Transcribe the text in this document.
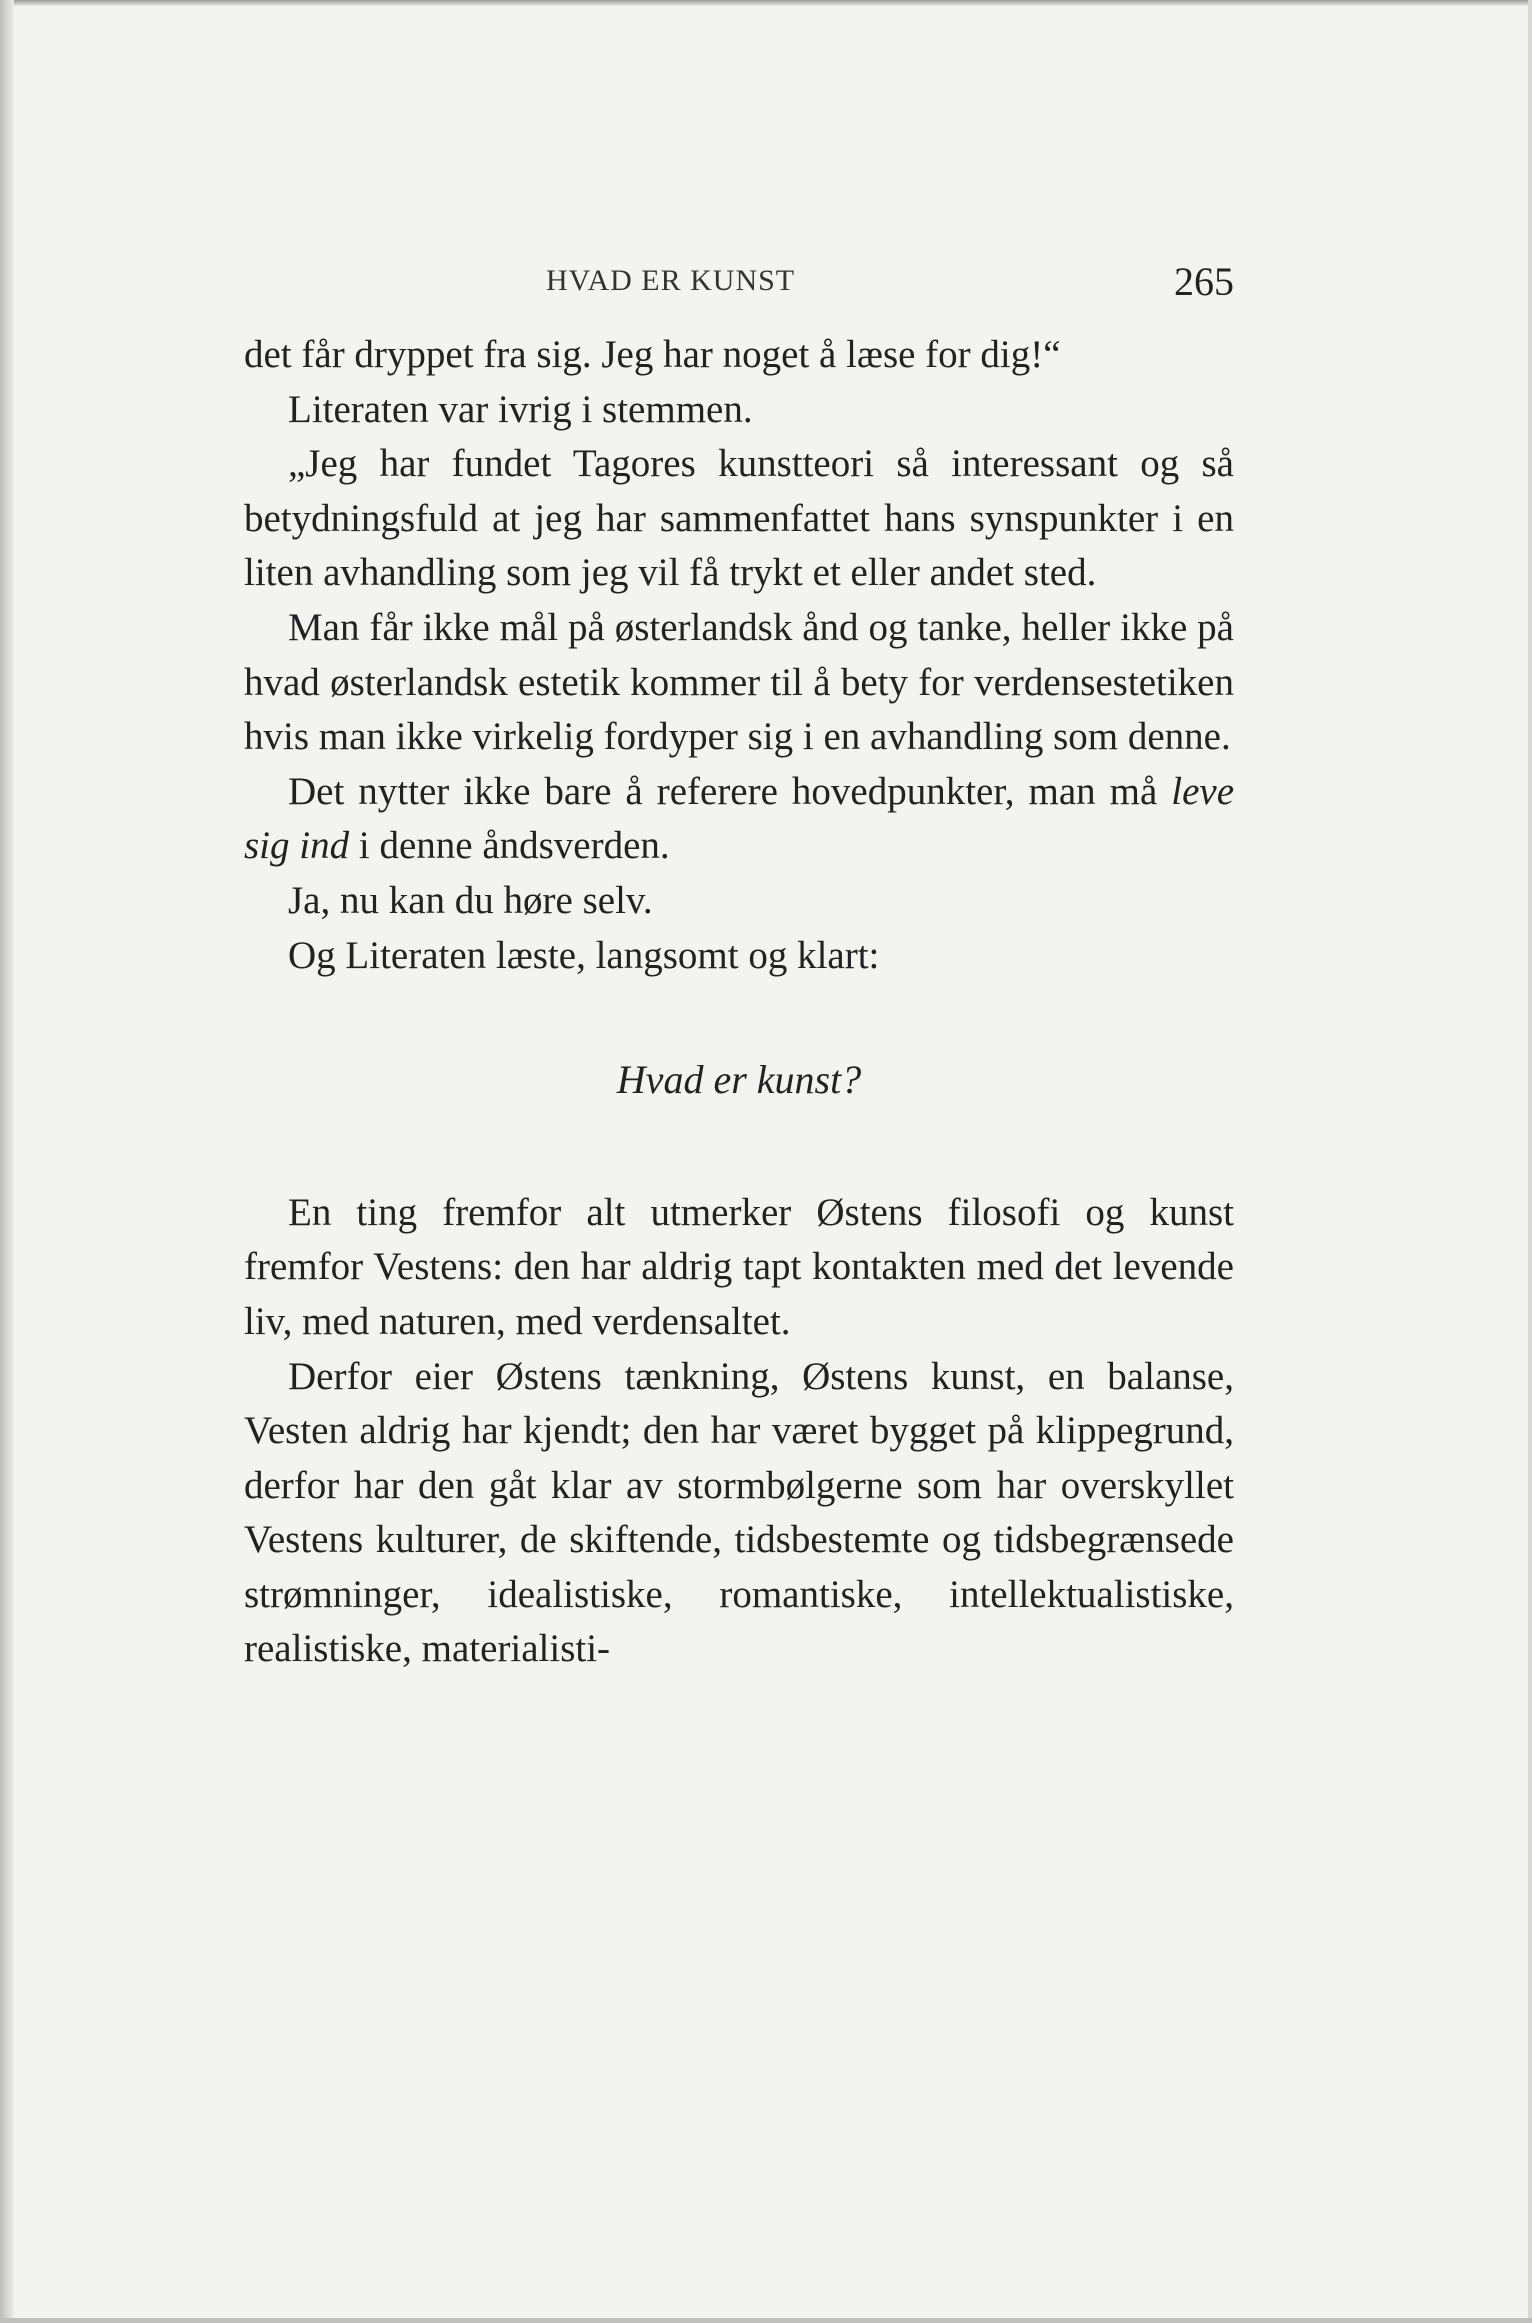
HVAD ER KUNST	265

det får dryppet fra sig. Jeg har noget å læse for dig!“

Literaten var ivrig i stemmen.

„Jeg har fundet Tagores kunstteori så interessant og så betydningsfuld at jeg har sammenfattet hans synspunkter i en liten avhandling som jeg vil få trykt et eller andet sted.

Man får ikke mål på østerlandsk ånd og tanke, heller ikke på hvad østerlandsk estetik kommer til å bety for verdensestetiken hvis man ikke virkelig fordyper sig i en avhandling som denne.

Det nytter ikke bare å referere hovedpunkter, man må leve sig ind i denne åndsverden.

Ja, nu kan du høre selv.

Og Literaten læste, langsomt og klart:

Hvad er kunst?

En ting fremfor alt utmerker Østens filosofi og kunst fremfor Vestens: den har aldrig tapt kontakten med det levende liv, med naturen, med verdensaltet.

Derfor eier Østens tænkning, Østens kunst, en balanse, Vesten aldrig har kjendt; den har været bygget på klippegrund, derfor har den gåt klar av stormbølgerne som har overskyllet Vestens kulturer, de skiftende, tidsbestemte og tidsbegrænsede strømninger, idealistiske, romantiske, intellektualistiske, realistiske, materialisti-
